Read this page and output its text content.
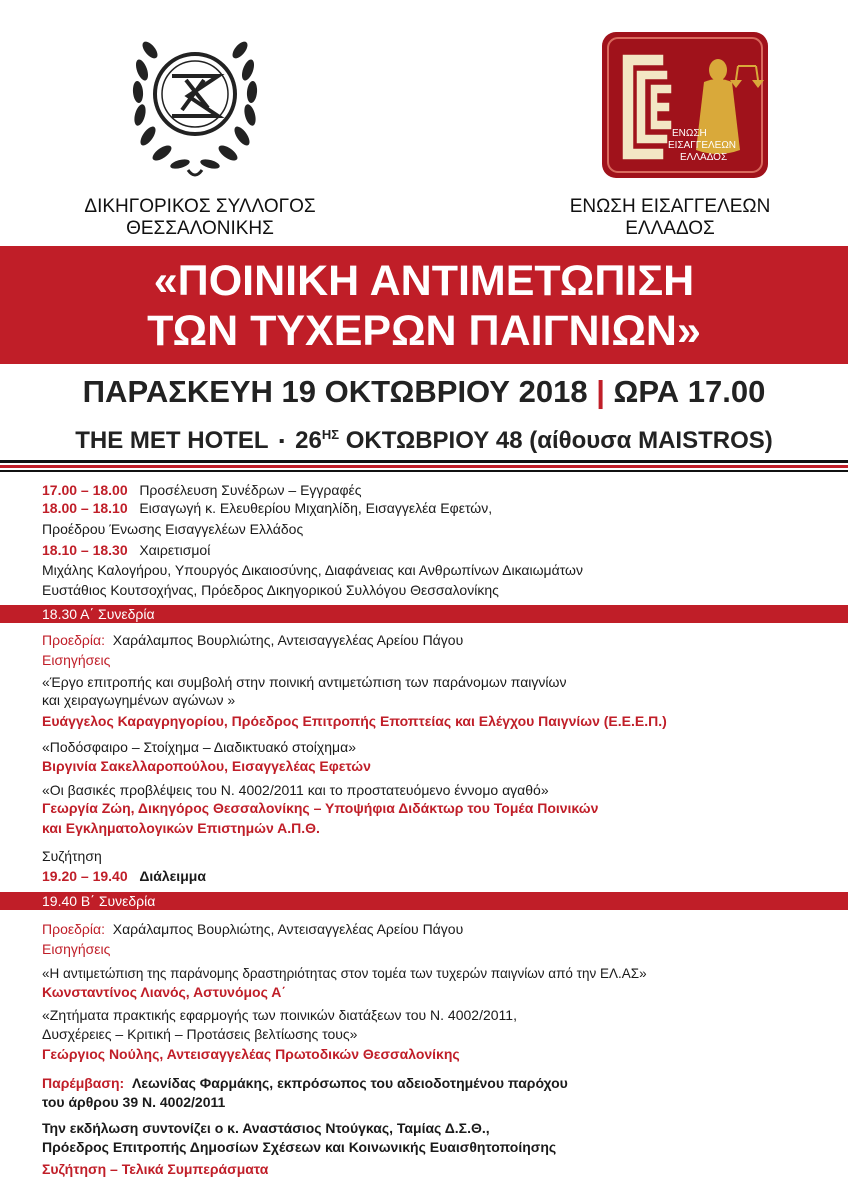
ΔΙΚΗΓΟΡΙΚΟΣ ΣΥΛΛΟΓΟΣ
ΘΕΣΣΑΛΟΝΙΚΗΣ
ΕΝΩΣΗ
ΕΙΣΑΓΓΕΛΕΩΝ
ΕΛΛΑΔΟΣ
ΕΝΩΣΗ ΕΙΣΑΓΓΕΛΕΩΝ
ΕΛΛΑΔΟΣ
«ΠΟΙΝΙΚΗ ΑΝΤΙΜΕΤΩΠΙΣΗ
ΤΩΝ ΤΥΧΕΡΩΝ ΠΑΙΓΝΙΩΝ»
ΠΑΡΑΣΚΕΥΗ 19 ΟΚΤΩΒΡΙΟΥ 2018 | ΩΡΑ 17.00
THE MET HOTEL ▪ $26^{H\Sigma}$ ΟΚΤΩΒΡΙΟΥ 48 (αίθουσα MAISTROS)
17.00 – 18.00 Προσέλευση Συνέδρων – Εγγραφές
18.00 – 18.10 Εισαγωγή κ. Ελευθερίου Μιχαηλίδη, Εισαγγελέα Εφετών,
Προέδρου Ένωσης Εισαγγελέων Ελλάδος
18.10 – 18.30 Χαιρετισμοί
Μιχάλης Καλογήρου, Υπουργός Δικαιοσύνης, Διαφάνειας και Ανθρωπίνων Δικαιωμάτων
Ευστάθιος Κουτσοχήνας, Πρόεδρος Δικηγορικού Συλλόγου Θεσσαλονίκης
18.30 Α΄ Συνεδρία
Προεδρία: Χαράλαμπος Βουρλιώτης, Αντεισαγγελέας Αρείου Πάγου
Εισηγήσεις
«Έργο επιτροπής και συμβολή στην ποινική αντιμετώπιση των παράνομων παιγνίων
και χειραγωγημένων αγώνων »
Ευάγγελος Καραγρηγορίου, Πρόεδρος Επιτροπής Εποπτείας και Ελέγχου Παιγνίων (Ε.Ε.Ε.Π.)
«Ποδόσφαιρο – Στοίχημα – Διαδικτυακό στοίχημα»
Βιργινία Σακελλαροπούλου, Εισαγγελέας Εφετών
«Οι βασικές προβλέψεις του Ν. 4002/2011 και το προστατευόμενο έννομο αγαθό»
Γεωργία Ζώη, Δικηγόρος Θεσσαλονίκης – Υποψήφια Διδάκτωρ του Τομέα Ποινικών
και Εγκληματολογικών Επιστημών Α.Π.Θ.
Συζήτηση
19.20 – 19.40 Διάλειμμα
19.40 Β΄ Συνεδρία
Προεδρία: Χαράλαμπος Βουρλιώτης, Αντεισαγγελέας Αρείου Πάγου
Εισηγήσεις
«Η αντιμετώπιση της παράνομης δραστηριότητας στον τομέα των τυχερών παιγνίων από την ΕΛ.ΑΣ»
Κωνσταντίνος Λιανός, Αστυνόμος Α΄
«Ζητήματα πρακτικής εφαρμογής των ποινικών διατάξεων του Ν. 4002/2011,
Δυσχέρειες – Κριτική – Προτάσεις βελτίωσης τους»
Γεώργιος Νούλης, Αντεισαγγελέας Πρωτοδικών Θεσσαλονίκης
Παρέμβαση: Λεωνίδας Φαρμάκης, εκπρόσωπος του αδειοδοτημένου παρόχου
του άρθρου 39 Ν. 4002/2011
Την εκδήλωση συντονίζει ο κ. Αναστάσιος Ντούγκας, Ταμίας Δ.Σ.Θ.,
Πρόεδρος Επιτροπής Δημοσίων Σχέσεων και Κοινωνικής Ευαισθητοποίησης
Συζήτηση – Τελικά Συμπεράσματα
